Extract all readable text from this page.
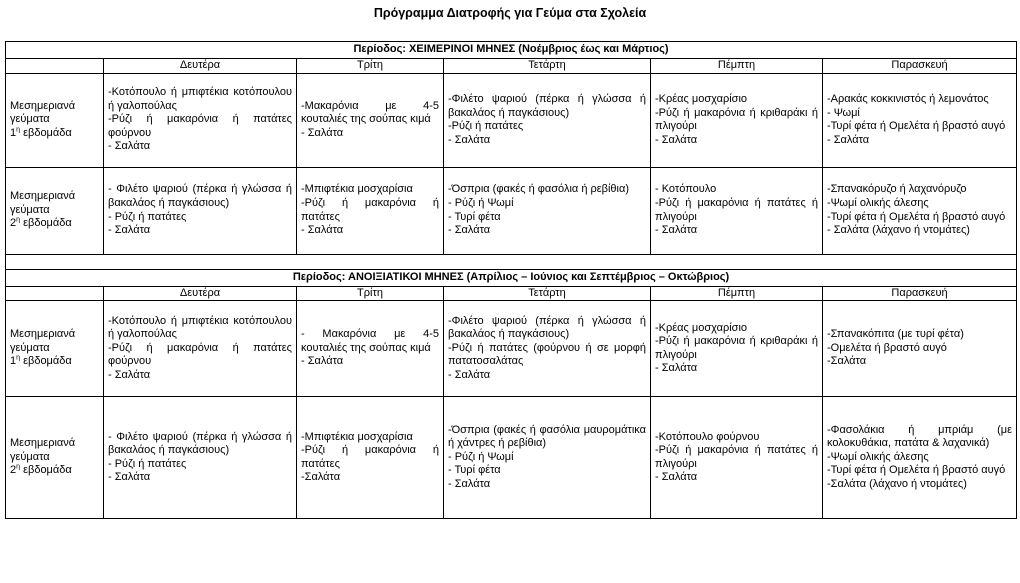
Πρόγραμμα Διατροφής για Γεύμα στα Σχολεία
Περίοδος: ΧΕΙΜΕΡΙΝΟΙ ΜΗΝΕΣ (Νοέμβριος έως και Μάρτιος)					
	Δευτέρα	Τρίτη	Τετάρτη	Πέμπτη	Παρασκευή

Μεσημεριανά
γεύματα
$1^\eta$ εβδομάδα	-Κοτόπουλο ή μπιφτέκια κοτόπουλου ή γαλοπούλας
-Ρύζι ή μακαρόνια ή πατάτες φούρνου
- Σαλάτα	-Μακαρόνια με 4-5 κουταλιές της σούπας κιμά
- Σαλάτα	-Φιλέτο ψαριού (πέρκα ή γλώσσα ή βακαλάος ή παγκάσιους)
-Ρύζι ή πατάτες
- Σαλάτα	-Κρέας μοσχαρίσιο
-Ρύζι ή μακαρόνια ή κριθαράκι ή πλιγούρι
- Σαλάτα	-Αρακάς κοκκινιστός ή λεμονάτος
- Ψωμί
-Τυρί φέτα ή Ομελέτα ή βραστό αυγό
- Σαλάτα

Μεσημεριανά
γεύματα
$2^\eta$ εβδομάδα	- Φιλέτο ψαριού (πέρκα ή γλώσσα ή βακαλάος ή παγκάσιους)
- Ρύζι ή πατάτες
- Σαλάτα	-Μπιφτέκια μοσχαρίσια
-Ρύζι ή μακαρόνια ή πατάτες
- Σαλάτα	-Όσπρια (φακές ή φασόλια ή ρεβίθια)
- Ρύζι ή Ψωμί
- Τυρί φέτα
- Σαλάτα	- Κοτόπουλο
-Ρύζι ή μακαρόνια ή πατάτες ή πλιγούρι
- Σαλάτα	-Σπανακόρυζο ή λαχανόρυζο
-Ψωμί ολικής άλεσης
-Τυρί φέτα ή Ομελέτα ή βραστό αυγό
- Σαλάτα (λάχανο ή ντομάτες)

Περίοδος: ΑΝΟΙΞΙΑΤΙΚΟΙ ΜΗΝΕΣ (Απρίλιος – Ιούνιος και Σεπτέμβριος – Οκτώβριος)					
	Δευτέρα	Τρίτη	Τετάρτη	Πέμπτη	Παρασκευή

Μεσημεριανά
γεύματα
$1^\eta$ εβδομάδα	-Κοτόπουλο ή μπιφτέκια κοτόπουλου ή γαλοπούλας
-Ρύζι ή μακαρόνια ή πατάτες φούρνου
- Σαλάτα	- Μακαρόνια με 4-5 κουταλιές της σούπας κιμά
- Σαλάτα	-Φιλέτο ψαριού (πέρκα ή γλώσσα ή βακαλάος ή παγκάσιους)
-Ρύζι ή πατάτες (φούρνου ή σε μορφή πατατοσαλάτας
- Σαλάτα	-Κρέας μοσχαρίσιο
-Ρύζι ή μακαρόνια ή κριθαράκι ή πλιγούρι
- Σαλάτα	-Σπανακόπιτα (με τυρί φέτα)
-Ομελέτα ή βραστό αυγό
-Σαλάτα

Μεσημεριανά
γεύματα
$2^\eta$ εβδομάδα	- Φιλέτο ψαριού (πέρκα ή γλώσσα ή βακαλάος ή παγκάσιους)
- Ρύζι ή πατάτες
- Σαλάτα	-Μπιφτέκια μοσχαρίσια
-Ρύζι ή μακαρόνια ή πατάτες
-Σαλάτα	-Όσπρια (φακές ή φασόλια μαυρομάτικα ή χάντρες ή ρεβίθια)
- Ρύζι ή Ψωμί
- Τυρί φέτα
- Σαλάτα	-Κοτόπουλο φούρνου
-Ρύζι ή μακαρόνια ή πατάτες ή πλιγούρι
- Σαλάτα	-Φασολάκια ή μπριάμ (με κολοκυθάκια, πατάτα & λαχανικά)
-Ψωμί ολικής άλεσης
-Τυρί φέτα ή Ομελέτα ή βραστό αυγό
-Σαλάτα (λάχανο ή ντομάτες)
